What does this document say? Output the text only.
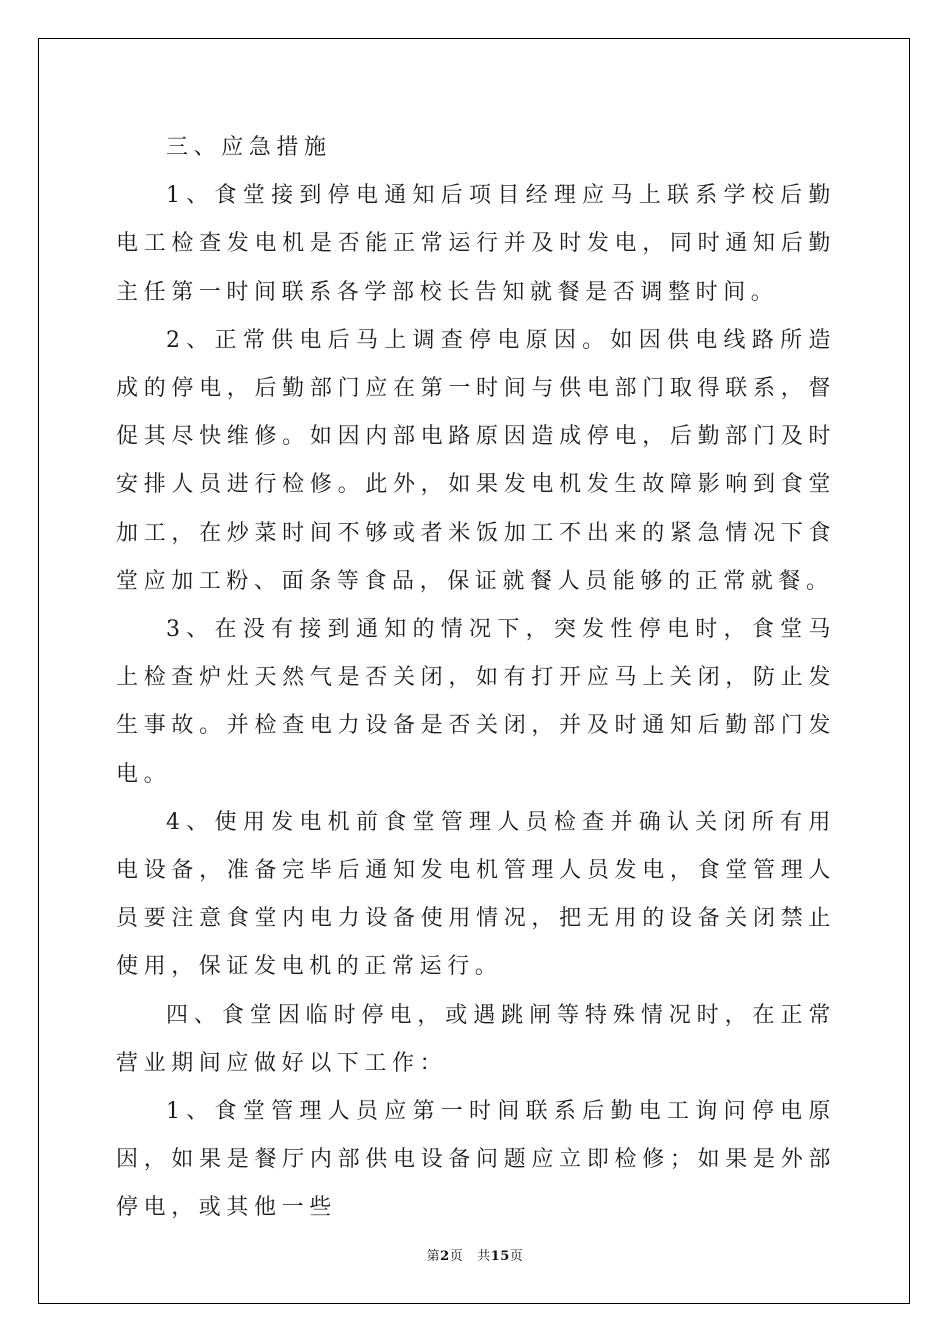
三、应急措施

1、食堂接到停电通知后项目经理应马上联系学校后勤电工检查发电机是否能正常运行并及时发电，同时通知后勤主任第一时间联系各学部校长告知就餐是否调整时间。

2、正常供电后马上调查停电原因。如因供电线路所造成的停电，后勤部门应在第一时间与供电部门取得联系，督促其尽快维修。如因内部电路原因造成停电，后勤部门及时安排人员进行检修。此外，如果发电机发生故障影响到食堂加工，在炒菜时间不够或者米饭加工不出来的紧急情况下食堂应加工粉、面条等食品，保证就餐人员能够的正常就餐。

3、在没有接到通知的情况下，突发性停电时，食堂马上检查炉灶天然气是否关闭，如有打开应马上关闭，防止发生事故。并检查电力设备是否关闭，并及时通知后勤部门发电。

4、使用发电机前食堂管理人员检查并确认关闭所有用电设备，准备完毕后通知发电机管理人员发电，食堂管理人员要注意食堂内电力设备使用情况，把无用的设备关闭禁止使用，保证发电机的正常运行。

四、食堂因临时停电，或遇跳闸等特殊情况时，在正常营业期间应做好以下工作：

1、食堂管理人员应第一时间联系后勤电工询问停电原因，如果是餐厅内部供电设备问题应立即检修；如果是外部停电，或其他一些

第2页 共15页
